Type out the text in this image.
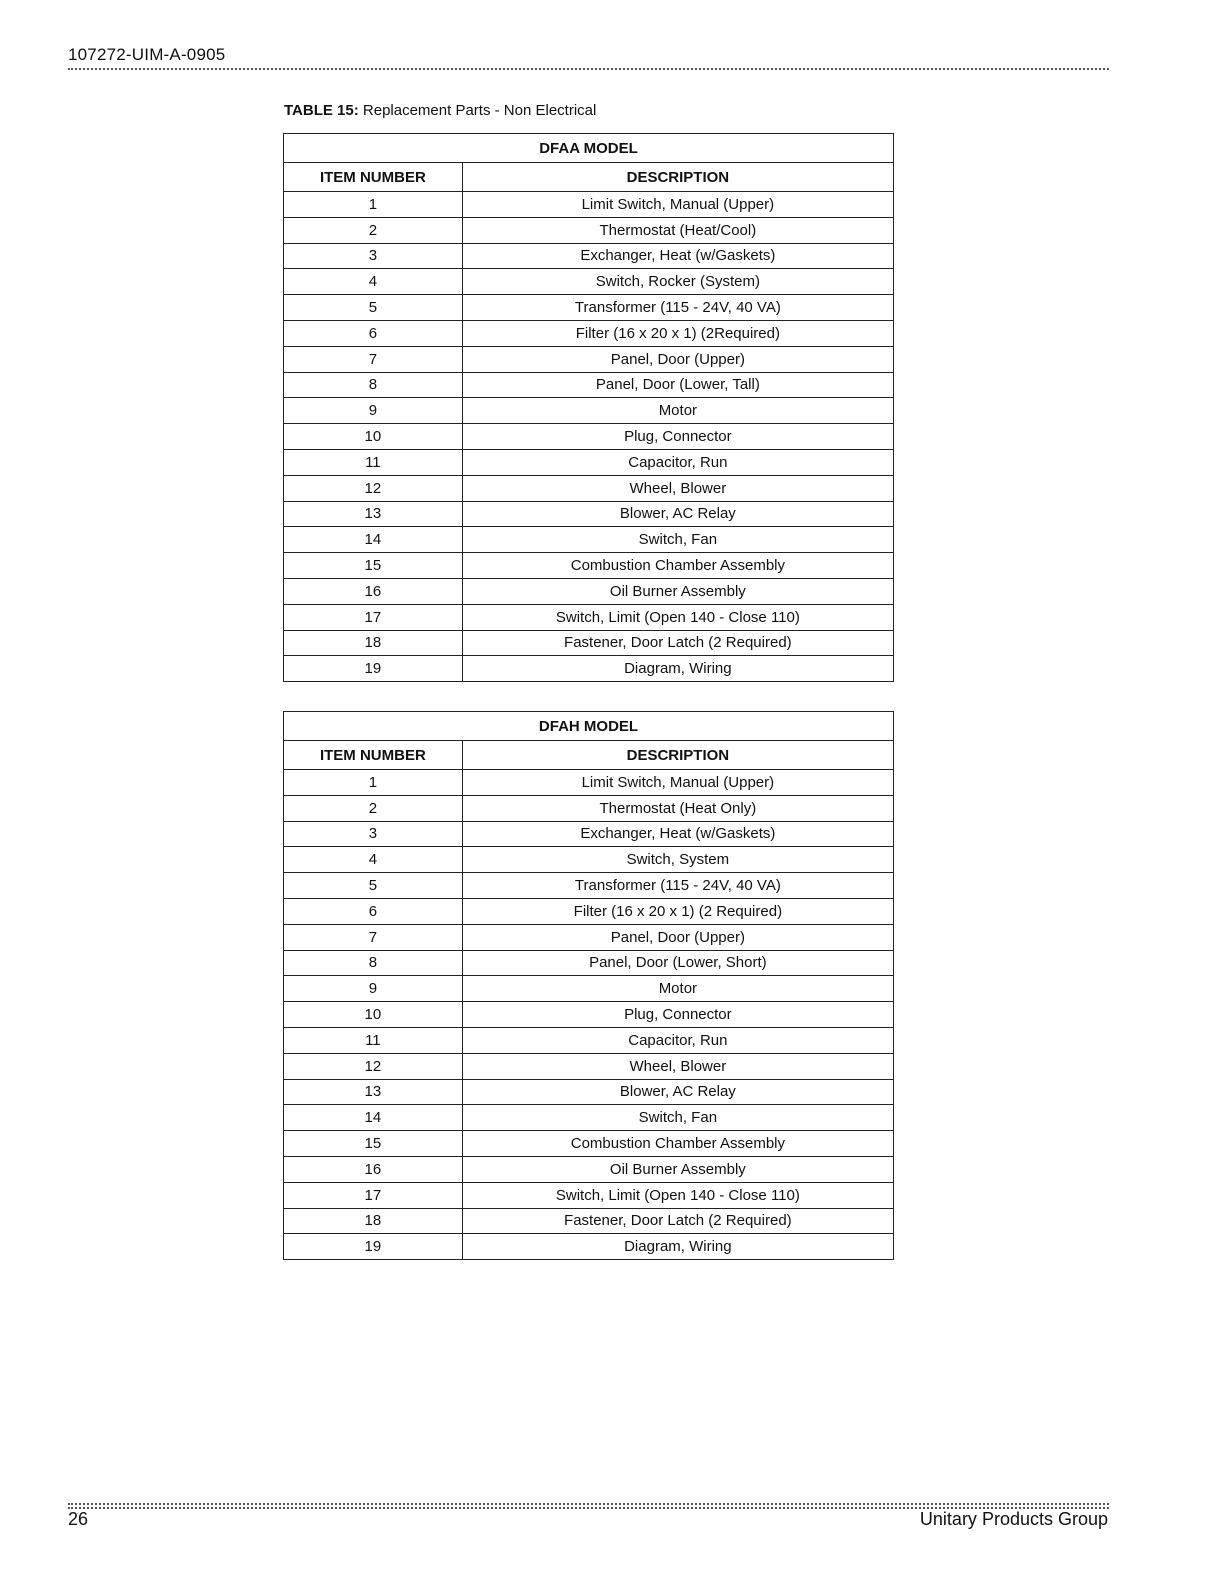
107272-UIM-A-0905
TABLE 15: Replacement Parts - Non Electrical
DFAA MODEL	
ITEM NUMBER	DESCRIPTION
1	Limit Switch, Manual (Upper)
2	Thermostat (Heat/Cool)
3	Exchanger, Heat (w/Gaskets)
4	Switch, Rocker (System)
5	Transformer (115 - 24V, 40 VA)
6	Filter (16 x 20 x 1) (2Required)
7	Panel, Door (Upper)
8	Panel, Door (Lower, Tall)
9	Motor
10	Plug, Connector
11	Capacitor, Run
12	Wheel, Blower
13	Blower, AC Relay
14	Switch, Fan
15	Combustion Chamber Assembly
16	Oil Burner Assembly
17	Switch, Limit (Open 140 - Close 110)
18	Fastener, Door Latch (2 Required)
19	Diagram, Wiring
DFAH MODEL	
ITEM NUMBER	DESCRIPTION
1	Limit Switch, Manual (Upper)
2	Thermostat (Heat Only)
3	Exchanger, Heat (w/Gaskets)
4	Switch, System
5	Transformer (115 - 24V, 40 VA)
6	Filter (16 x 20 x 1) (2 Required)
7	Panel, Door (Upper)
8	Panel, Door (Lower, Short)
9	Motor
10	Plug, Connector
11	Capacitor, Run
12	Wheel, Blower
13	Blower, AC Relay
14	Switch, Fan
15	Combustion Chamber Assembly
16	Oil Burner Assembly
17	Switch, Limit (Open 140 - Close 110)
18	Fastener, Door Latch (2 Required)
19	Diagram, Wiring
26	Unitary Products Group
